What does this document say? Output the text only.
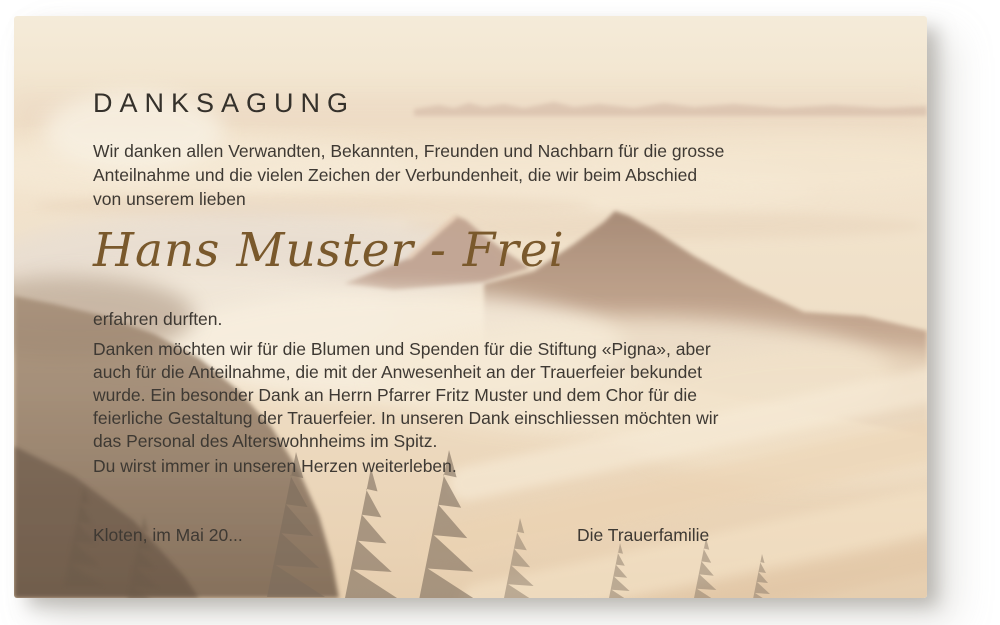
DANKSAGUNG
Wir danken allen Verwandten, Bekannten, Freunden und Nachbarn für die grosse
Anteilnahme und die vielen Zeichen der Verbundenheit, die wir beim Abschied
von unserem lieben
Hans Muster - Frei
erfahren durften.
Danken möchten wir für die Blumen und Spenden für die Stiftung «Pigna», aber
auch für die Anteilnahme, die mit der Anwesenheit an der Trauerfeier bekundet
wurde. Ein besonder Dank an Herrn Pfarrer Fritz Muster und dem Chor für die
feierliche Gestaltung der Trauerfeier. In unseren Dank einschliessen möchten wir
das Personal des Alterswohnheims im Spitz.
Du wirst immer in unseren Herzen weiterleben.
Kloten, im Mai 20...	Die Trauerfamilie
